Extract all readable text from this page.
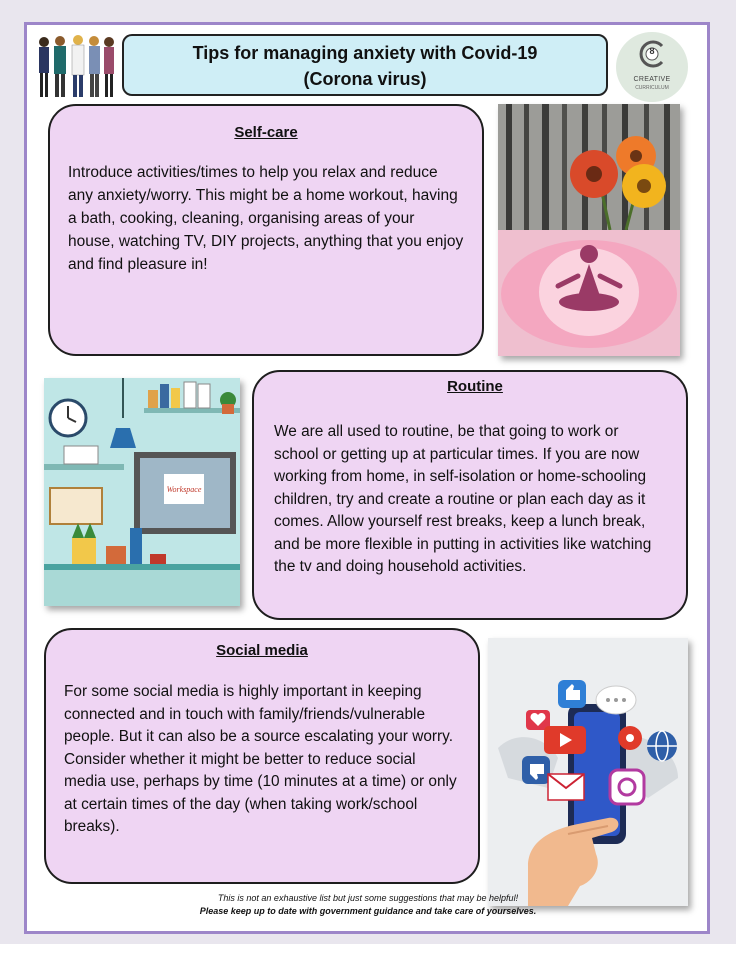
Tips for managing anxiety with Covid-19
(Corona virus)
8
CREATIVE
CURRICULUM
Self-care

Introduce activities/times to help you relax and reduce any anxiety/worry. This might be a home workout, having a bath, cooking, cleaning, organising areas of your house, watching TV, DIY projects, anything that you enjoy and find pleasure in!

Workspace
Routine

We are all used to routine, be that going to work or school or getting up at particular times. If you are now working from home, in self-isolation or home-schooling children, try and create a routine or plan each day as it comes. Allow yourself rest breaks, keep a lunch break, and be more flexible in putting in activities like watching the tv and doing household activities.

Social media

For some social media is highly important in keeping connected and in touch with family/friends/vulnerable people. But it can also be a source escalating your worry. Consider whether it might be better to reduce social media use, perhaps by time (10 minutes at a time) or only at certain times of the day (when taking work/school breaks).

This is not an exhaustive list but just some suggestions that may be helpful!
Please keep up to date with government guidance and take care of yourselves.
